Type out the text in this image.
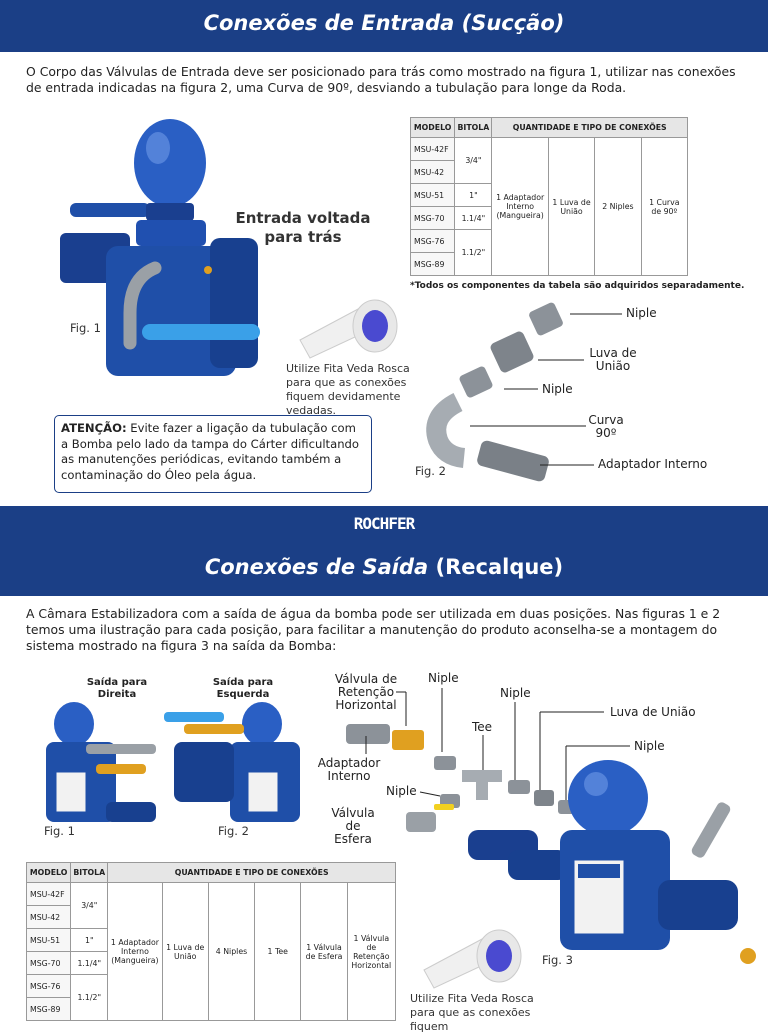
Conexões de Entrada (Sucção)
O Corpo das Válvulas de Entrada deve ser posicionado para trás como mostrado na figura 1, utilizar nas conexões de entrada indicadas na figura 2, uma Curva de 90º, desviando a tubulação para longe da Roda.
Fig. 1
Entrada voltada
para trás
MODELO	BITOLA	QUANTIDADE E TIPO DE CONEXÕES			
MSU-42F	3/4"	1 Adaptador Interno (Mangueira)	1 Luva de União	2 Niples	1 Curva de 90º
MSU-42					
MSU-51	1"				
MSG-70	1.1/4"				
MSG-76	1.1/2"				
MSG-89					
*Todos os componentes da tabela são adquiridos separadamente.
Utilize Fita Veda Rosca para que as conexões fiquem devidamente vedadas.
ATENÇÃO: Evite fazer a ligação da tubulação com a Bomba pelo lado da tampa do Cárter dificultando as manutenções periódicas, evitando também a contaminação do Óleo pela água.	Fig. 2
Niple
Luva de União
Niple
Curva 90º
Adaptador Interno
ROCHFER
Conexões de Saída (Recalque)
A Câmara Estabilizadora com a saída de água da bomba pode ser utilizada em duas posições. Nas figuras 1 e 2 temos uma ilustração para cada posição, para facilitar a manutenção do produto aconselha-se a montagem do sistema mostrado na figura 3 na saída da Bomba:
Saída para Direita
Saída para Esquerda
Fig. 1	Fig. 2
Válvula de Retenção Horizontal
Niple
Niple
Tee
Luva de União
Niple
Adaptador Interno
Niple
Válvula de Esfera
Fig. 3
MODELO	BITOLA	QUANTIDADE E TIPO DE CONEXÕES					
MSU-42F	3/4"	1 Adaptador Interno (Mangueira)	1 Luva de União	4 Niples	1 Tee	1 Válvula de Esfera	1 Válvula de Retenção Horizontal
MSU-42							
MSU-51	1"						
MSG-70	1.1/4"						
MSG-76	1.1/2"						
MSG-89							
Utilize Fita Veda Rosca para que as conexões fiquem
